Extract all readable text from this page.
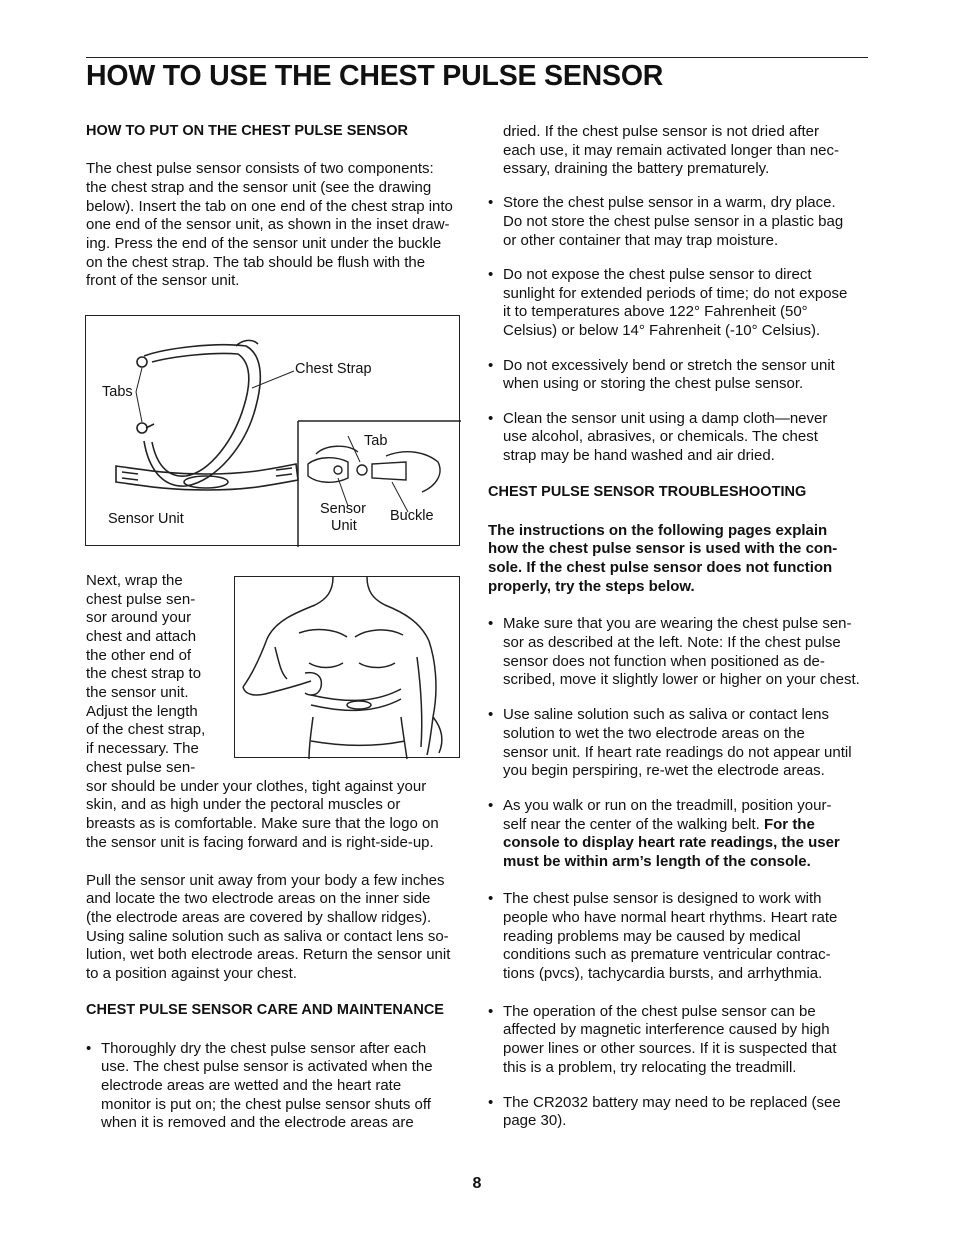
HOW TO USE THE CHEST PULSE SENSOR
HOW TO PUT ON THE CHEST PULSE SENSOR
The chest pulse sensor consists of two components:
the chest strap and the sensor unit (see the drawing
below). Insert the tab on one end of the chest strap into
one end of the sensor unit, as shown in the inset draw-
ing. Press the end of the sensor unit under the buckle
on the chest strap. The tab should be flush with the
front of the sensor unit.
Chest Strap
Tabs
Sensor Unit
Tab
Sensor
Unit
Buckle
Next, wrap the
chest pulse sen-
sor around your
chest and attach
the other end of
the chest strap to
the sensor unit.
Adjust the length
of the chest strap,
if necessary. The
chest pulse sen-
sor should be under your clothes, tight against your
skin, and as high under the pectoral muscles or
breasts as is comfortable. Make sure that the logo on
the sensor unit is facing forward and is right-side-up.
Pull the sensor unit away from your body a few inches
and locate the two electrode areas on the inner side
(the electrode areas are covered by shallow ridges).
Using saline solution such as saliva or contact lens so-
lution, wet both electrode areas. Return the sensor unit
to a position against your chest.
CHEST PULSE SENSOR CARE AND MAINTENANCE
• Thoroughly dry the chest pulse sensor after each
use. The chest pulse sensor is activated when the
electrode areas are wetted and the heart rate
monitor is put on; the chest pulse sensor shuts off
when it is removed and the electrode areas are
dried. If the chest pulse sensor is not dried after
each use, it may remain activated longer than nec-
essary, draining the battery prematurely.
• Store the chest pulse sensor in a warm, dry place.
Do not store the chest pulse sensor in a plastic bag
or other container that may trap moisture.
• Do not expose the chest pulse sensor to direct
sunlight for extended periods of time; do not expose
it to temperatures above 122° Fahrenheit (50°
Celsius) or below 14° Fahrenheit (-10° Celsius).
• Do not excessively bend or stretch the sensor unit
when using or storing the chest pulse sensor.
• Clean the sensor unit using a damp cloth—never
use alcohol, abrasives, or chemicals. The chest
strap may be hand washed and air dried.
CHEST PULSE SENSOR TROUBLESHOOTING
The instructions on the following pages explain
how the chest pulse sensor is used with the con-
sole. If the chest pulse sensor does not function
properly, try the steps below.
• Make sure that you are wearing the chest pulse sen-
sor as described at the left. Note: If the chest pulse
sensor does not function when positioned as de-
scribed, move it slightly lower or higher on your chest.
• Use saline solution such as saliva or contact lens
solution to wet the two electrode areas on the
sensor unit. If heart rate readings do not appear until
you begin perspiring, re-wet the electrode areas.
• As you walk or run on the treadmill, position your-
self near the center of the walking belt. For the
console to display heart rate readings, the user
must be within arm’s length of the console.
• The chest pulse sensor is designed to work with
people who have normal heart rhythms. Heart rate
reading problems may be caused by medical
conditions such as premature ventricular contrac-
tions (pvcs), tachycardia bursts, and arrhythmia.
• The operation of the chest pulse sensor can be
affected by magnetic interference caused by high
power lines or other sources. If it is suspected that
this is a problem, try relocating the treadmill.
• The CR2032 battery may need to be replaced (see
page 30).
8
